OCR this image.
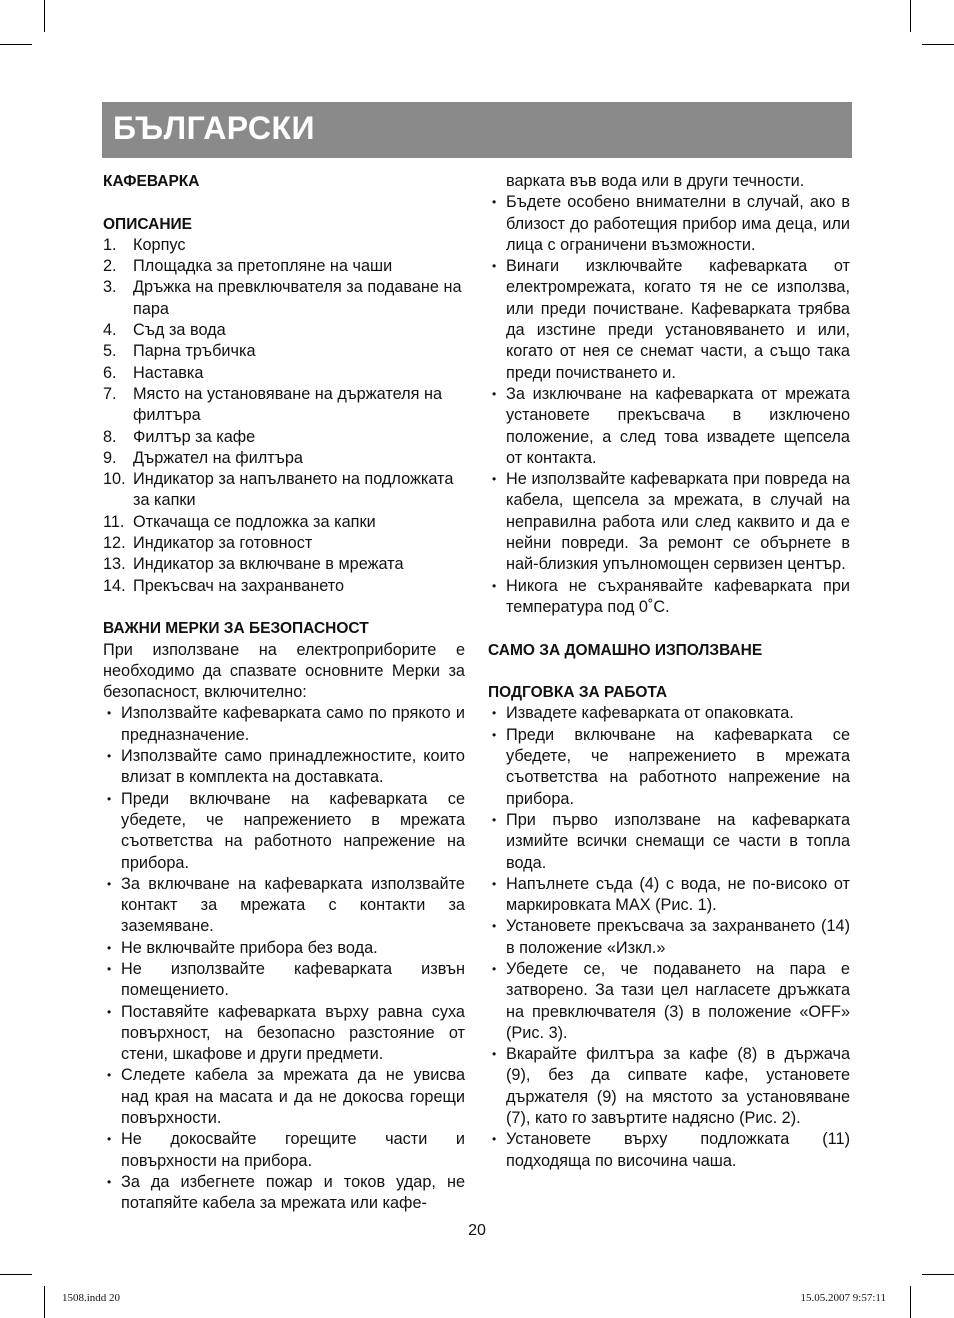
БЪЛГАРСКИ

КАФЕВАРКА

ОПИСАНИЕ

1. Корпус
2. Площадка за претопляне на чаши
3. Дръжка на превключвателя за подаване на пара
4. Съд за вода
5. Парна тръбичка
6. Наставка
7. Място на установяване на държателя на филтъра
8. Филтър за кафе
9. Държател на филтъра
10. Индикатор за напълването на подложката за капки
11. Откачаща се подложка за капки
12. Индикатор за готовност
13. Индикатор за включване в мрежата
14. Прекъсвач на захранването

ВАЖНИ МЕРКИ ЗА БЕЗОПАСНОСТ

При използване на електроприборите е необходимо да спазвате основните Мерки за безопасност, включително:

• Използвайте кафеварката само по прякото и предназначение.
• Използвайте само принадлежностите, които влизат в комплекта на доставката.
• Преди включване на кафеварката се убедете, че напрежението в мрежата съответства на работното напрежение на прибора.
• За включване на кафеварката използвайте контакт за мрежата с контакти за заземяване.
• Не включвайте прибора без вода.
• Не използвайте кафеварката извън помещението.
• Поставяйте кафеварката върху равна суха повърхност, на безопасно разстояние от стени, шкафове и други предмети.
• Следете кабела за мрежата да не увисва над края на масата и да не докосва горещи повърхности.
• Не докосвайте горещите части и повърхности на прибора.
• За да избегнете пожар и токов удар, не потапяйте кабела за мрежата или кафе-

варката във вода или в други течности.

• Бъдете особено внимателни в случай, ако в близост до работещия прибор има деца, или лица с ограничени възможности.
• Винаги изключвайте кафеварката от електромрежата, когато тя не се използва, или преди почистване. Кафеварката трябва да изстине преди установяването и или, когато от нея се снемат части, а също така преди почистването и.
• За изключване на кафеварката от мрежата установете прекъсвача в изключено положение, а след това извадете щепсела от контакта.
• Не използвайте кафеварката при повреда на кабела, щепсела за мрежата, в случай на неправилна работа или след каквито и да е нейни повреди. За ремонт се обърнете в най-близкия упълномощен сервизен център.
• Никога не съхранявайте кафеварката при температура под 0˚С.

САМО ЗА ДОМАШНО ИЗПОЛЗВАНЕ

ПОДГОВКА ЗА РАБОТА

• Извадете кафеварката от опаковката.
• Преди включване на кафеварката се убедете, че напрежението в мрежата съответства на работното напрежение на прибора.
• При първо използване на кафеварката измийте всички снемащи се части в топла вода.
• Напълнете съда (4) с вода, не по-високо от маркировката МАХ (Рис. 1).
• Установете прекъсвача за захранването (14) в положение «Изкл.»
• Убедете се, че подаването на пара е затворено. За тази цел нагласете дръжката на превключвателя (3) в положение «OFF» (Рис. 3).
• Вкарайте филтъра за кафе (8) в държача (9), без да сипвате кафе, установете държателя (9) на мястото за установяване (7), като го завъртите надясно (Рис. 2).
• Установете върху подложката (11) подходяща по височина чаша.
20
1508.indd 20	15.05.2007 9:57:11
